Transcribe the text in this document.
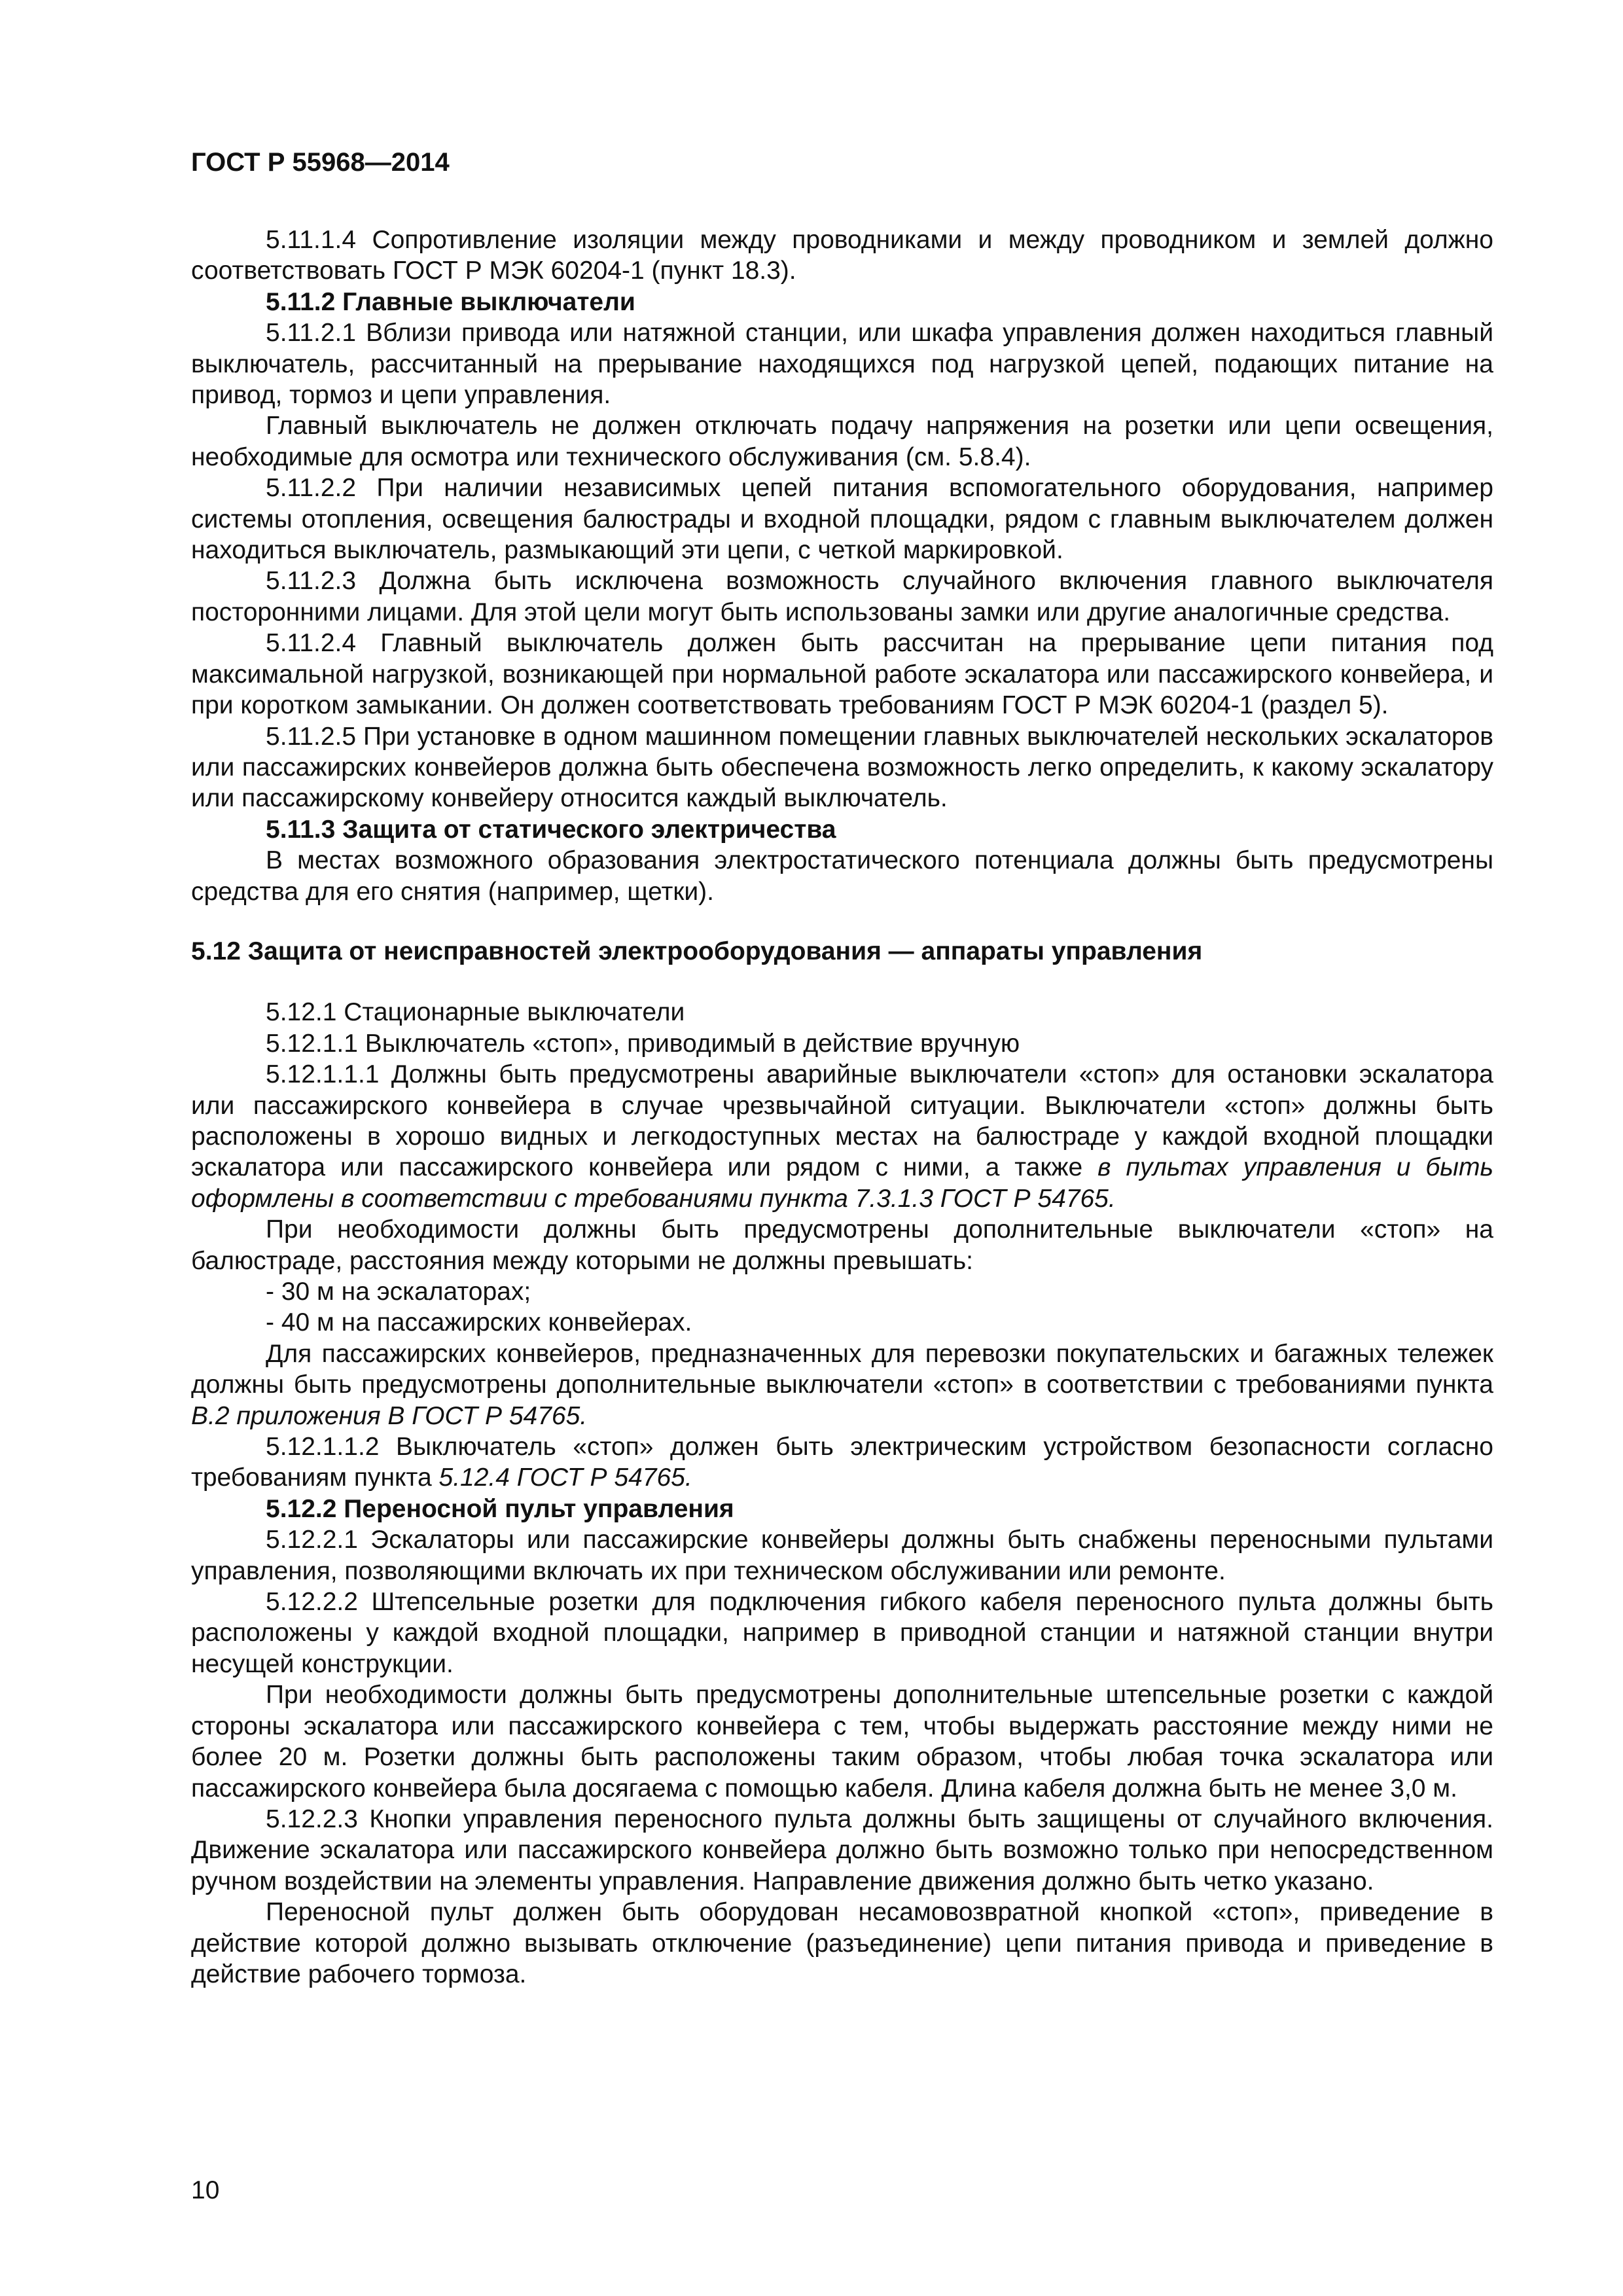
ГОСТ Р 55968—2014

5.11.1.4 Сопротивление изоляции между проводниками и между проводником и землей должно соответствовать ГОСТ Р МЭК 60204-1 (пункт 18.3).

5.11.2 Главные выключатели

5.11.2.1 Вблизи привода или натяжной станции, или шкафа управления должен находиться главный выключатель, рассчитанный на прерывание находящихся под нагрузкой цепей, подающих питание на привод, тормоз и цепи управления.

Главный выключатель не должен отключать подачу напряжения на розетки или цепи освещения, необходимые для осмотра или технического обслуживания (см. 5.8.4).

5.11.2.2 При наличии независимых цепей питания вспомогательного оборудования, например системы отопления, освещения балюстрады и входной площадки, рядом с главным выключателем должен находиться выключатель, размыкающий эти цепи, с четкой маркировкой.

5.11.2.3 Должна быть исключена возможность случайного включения главного выключателя посторонними лицами. Для этой цели могут быть использованы замки или другие аналогичные средства.

5.11.2.4 Главный выключатель должен быть рассчитан на прерывание цепи питания под максимальной нагрузкой, возникающей при нормальной работе эскалатора или пассажирского конвейера, и при коротком замыкании. Он должен соответствовать требованиям ГОСТ Р МЭК 60204-1 (раздел 5).

5.11.2.5 При установке в одном машинном помещении главных выключателей нескольких эскалаторов или пассажирских конвейеров должна быть обеспечена возможность легко определить, к какому эскалатору или пассажирскому конвейеру относится каждый выключатель.

5.11.3 Защита от статического электричества

В местах возможного образования электростатического потенциала должны быть предусмотрены средства для его снятия (например, щетки).

5.12 Защита от неисправностей электрооборудования — аппараты управления

5.12.1 Стационарные выключатели

5.12.1.1 Выключатель «стоп», приводимый в действие вручную

5.12.1.1.1 Должны быть предусмотрены аварийные выключатели «стоп» для остановки эскалатора или пассажирского конвейера в случае чрезвычайной ситуации. Выключатели «стоп» должны быть расположены в хорошо видных и легкодоступных местах на балюстраде у каждой входной площадки эскалатора или пассажирского конвейера или рядом с ними, а также в пультах управления и быть оформлены в соответствии с требованиями пункта 7.3.1.3 ГОСТ Р 54765.

При необходимости должны быть предусмотрены дополнительные выключатели «стоп» на балюстраде, расстояния между которыми не должны превышать:

- 30 м на эскалаторах;

- 40 м на пассажирских конвейерах.

Для пассажирских конвейеров, предназначенных для перевозки покупательских и багажных тележек должны быть предусмотрены дополнительные выключатели «стоп» в соответствии с требованиями пункта В.2 приложения В ГОСТ Р 54765.

5.12.1.1.2 Выключатель «стоп» должен быть электрическим устройством безопасности согласно требованиям пункта 5.12.4 ГОСТ Р 54765.

5.12.2 Переносной пульт управления

5.12.2.1 Эскалаторы или пассажирские конвейеры должны быть снабжены переносными пультами управления, позволяющими включать их при техническом обслуживании или ремонте.

5.12.2.2 Штепсельные розетки для подключения гибкого кабеля переносного пульта должны быть расположены у каждой входной площадки, например в приводной станции и натяжной станции внутри несущей конструкции.

При необходимости должны быть предусмотрены дополнительные штепсельные розетки с каждой стороны эскалатора или пассажирского конвейера с тем, чтобы выдержать расстояние между ними не более 20 м. Розетки должны быть расположены таким образом, чтобы любая точка эскалатора или пассажирского конвейера была досягаема с помощью кабеля. Длина кабеля должна быть не менее 3,0 м.

5.12.2.3 Кнопки управления переносного пульта должны быть защищены от случайного включения. Движение эскалатора или пассажирского конвейера должно быть возможно только при непосредственном ручном воздействии на элементы управления. Направление движения должно быть четко указано.

Переносной пульт должен быть оборудован несамовозвратной кнопкой «стоп», приведение в действие которой должно вызывать отключение (разъединение) цепи питания привода и приведение в действие рабочего тормоза.

10
